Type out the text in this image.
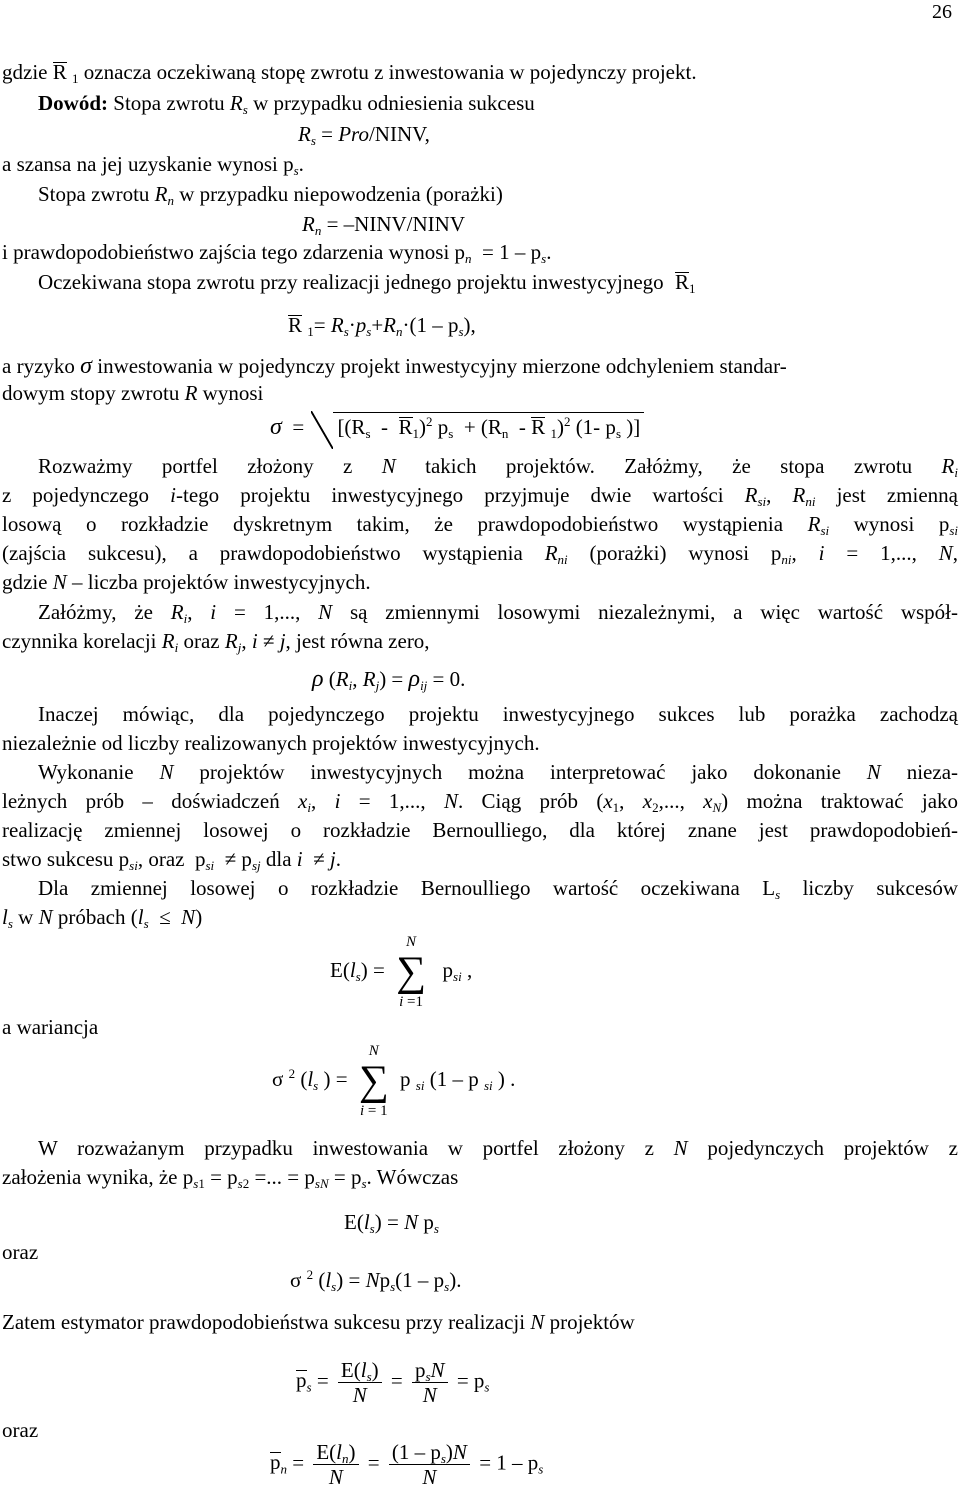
26
gdzie R $_1$ oznacza oczekiwaną stopę zwrotu z inwestowania w pojedynczy projekt.
Dowód: Stopa zwrotu $R_s$ w przypadku odniesienia sukcesu
$R_s$ = Pro/NINV,
a szansa na jej uzyskanie wynosi $p_s$.
Stopa zwrotu $R_n$ w przypadku niepowodzenia (porażki)
$R_n$ = –NINV/NINV
i prawdopodobieństwo zajścia tego zdarzenia wynosi $p_n = 1 - p_s$.
Oczekiwana stopa zwrotu przy realizacji jednego projektu inwestycyjnego $R_1$
R $_1= R_s\cdot p_s+R_n\cdot(1 - p_s)$,
a ryzyko σ inwestowania w pojedynczy projekt inwestycyjny mierzone odchyleniem standar-
dowym stopy zwrotu R wynosi
$\sigma = [(R_s - R_1)^2$ $p_s + (R_n - R$ $_1$)$^2$ (1- $p_s$ )]
Rozważmy portfel złożony z N takich projektów. Załóżmy, że stopa zwrotu $R_i$
z pojedynczego i-tego projektu inwestycyjnego przyjmuje dwie wartości $R_{si}$, $R_{ni}$ jest zmienną
losową o rozkładzie dyskretnym takim, że prawdopodobieństwo wystąpienia $R_{si}$ wynosi $p_{si}$
(zajścia sukcesu), a prawdopodobieństwo wystąpienia $R_{ni}$ (porażki) wynosi $p_{ni}$, i = 1,..., N,
gdzie N – liczba projektów inwestycyjnych.
Załóżmy, że $R_i$, i = 1,..., N są zmiennymi losowymi niezależnymi, a więc wartość współ-
czynnika korelacji $R_i$ oraz $R_j$, i ≠ j, jest równa zero,
ρ ($R_i$, $R_j) = \rho_{ij} = 0$.
Inaczej mówiąc, dla pojedynczego projektu inwestycyjnego sukces lub porażka zachodzą
niezależnie od liczby realizowanych projektów inwestycyjnych.
Wykonanie N projektów inwestycyjnych można interpretować jako dokonanie N nieza-
leżnych prób – doświadczeń $x_i$, i = 1,..., N. Ciąg prób ($x_1$, $x_2$,..., $x_N$) można traktować jako
realizację zmiennej losowej o rozkładzie Bernoulliego, dla której znane jest prawdopodobień-
stwo sukcesu $p_{si}$, oraz  $p_{si} \ne p_{sj}$ dla i  ≠ j.
Dla zmiennej losowej o rozkładzie Bernoulliego wartość oczekiwana $L_s$ liczby sukcesów
$l_s$ w N próbach $(l_s \le N)$
$E(l_s)$ =
N
∑
i =1
$p_{si}$ ,
a wariancja
σ $^2$ ($l_s$ ) =
N
∑
i = 1
p $_{si}$ (1 – p $_{si}$ ) .
W rozważanym przypadku inwestowania w portfel złożony z N pojedynczych projektów z
założenia wynika, że $p_{s1} = p_{s2}$ =... = $p_{sN} = p_s$. Wówczas
$E(l_s) = N$ $p_s$
oraz
σ $^2$ $(l_s) = Np_s(1 - p_s)$.
Zatem estymator prawdopodobieństwa sukcesu przy realizacji N projektów
$p_s = \frac{E(l_s)}{N} = \frac{p_sN}{N} = p_s$
oraz
$p_n = \frac{E(l_n)}{N} = \frac{(1 - p_s)N}{N} = 1 - p_s$
